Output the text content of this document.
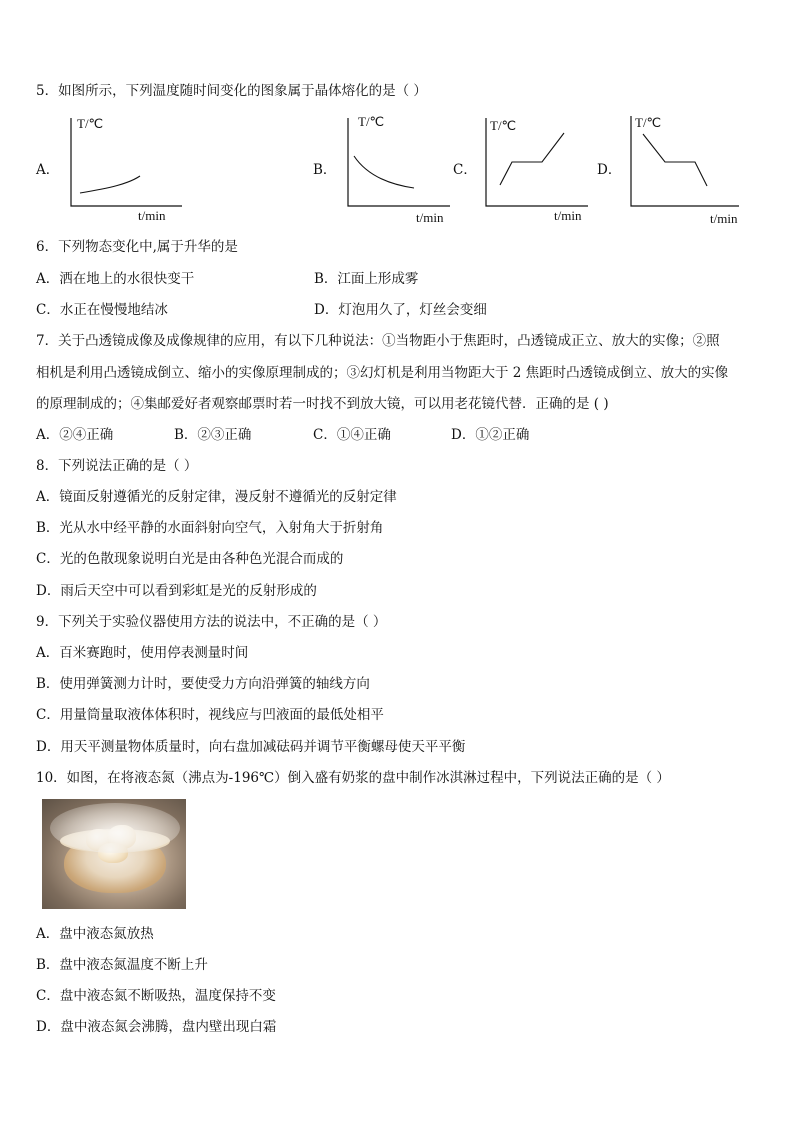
5．如图所示，下列温度随时间变化的图象属于晶体熔化的是（ ）
A．
T/℃
t/min
B．
T/℃
t/min
C．
T/℃
t/min
D．
T/℃
t/min
6．下列物态变化中,属于升华的是
A．洒在地上的水很快变干	B．江面上形成雾
C．水正在慢慢地结冰	D．灯泡用久了，灯丝会变细
7．关于凸透镜成像及成像规律的应用，有以下几种说法：①当物距小于焦距时，凸透镜成正立、放大的实像；②照
相机是利用凸透镜成倒立、缩小的实像原理制成的；③幻灯机是利用当物距大于 2 焦距时凸透镜成倒立、放大的实像
的原理制成的；④集邮爱好者观察邮票时若一时找不到放大镜，可以用老花镜代替．正确的是 ( )
A．②④正确	B．②③正确	C．①④正确	D．①②正确
8．下列说法正确的是（ ）
A．镜面反射遵循光的反射定律，漫反射不遵循光的反射定律
B．光从水中经平静的水面斜射向空气，入射角大于折射角
C．光的色散现象说明白光是由各种色光混合而成的
D．雨后天空中可以看到彩虹是光的反射形成的
9．下列关于实验仪器使用方法的说法中，不正确的是（ ）
A．百米赛跑时，使用停表测量时间
B．使用弹簧测力计时，要使受力方向沿弹簧的轴线方向
C．用量筒量取液体体积时，视线应与凹液面的最低处相平
D．用天平测量物体质量时，向右盘加减砝码并调节平衡螺母使天平平衡
10．如图，在将液态氮（沸点为-196℃）倒入盛有奶浆的盘中制作冰淇淋过程中，下列说法正确的是（ ）
A．盘中液态氮放热
B．盘中液态氮温度不断上升
C．盘中液态氮不断吸热，温度保持不变
D．盘中液态氮会沸腾，盘内壁出现白霜
